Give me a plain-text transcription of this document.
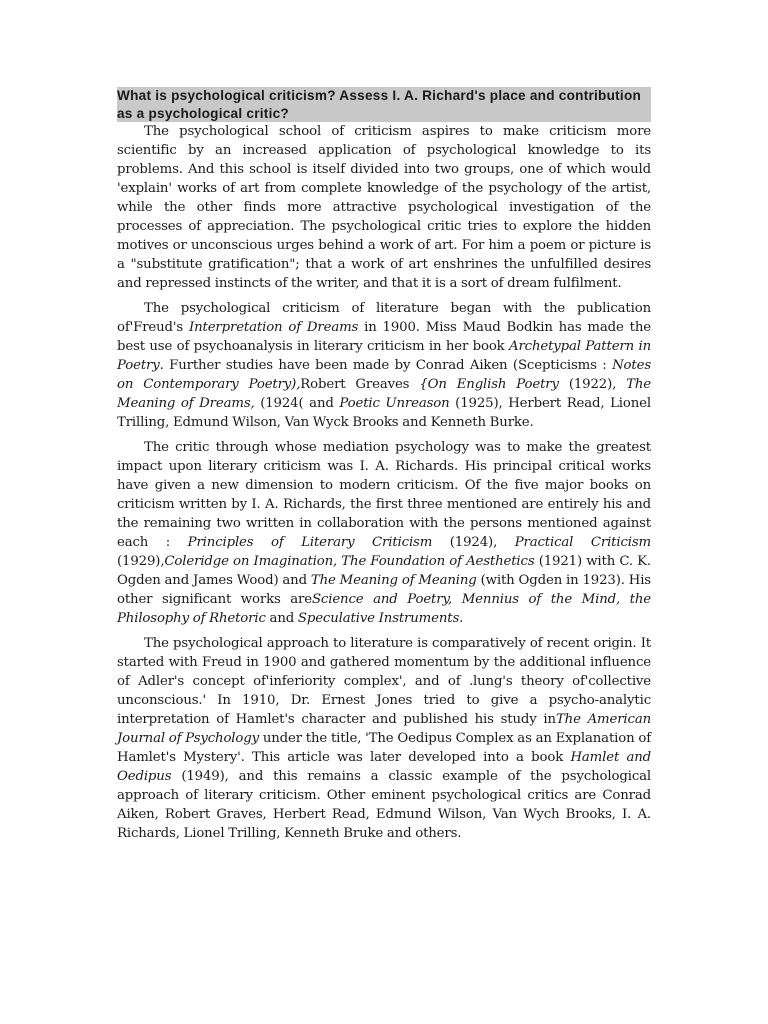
What is psychological criticism? Assess I. A. Richard's place and contribution as a psychological critic?

The psychological school of criticism aspires to make criticism more scientific by an increased application of psychological knowledge to its problems. And this school is itself divided into two groups, one of which would 'explain' works of art from complete knowledge of the psychology of the artist, while the other finds more attractive psychological investigation of the processes of appreciation. The psychological critic tries to explore the hidden motives or unconscious urges behind a work of art. For him a poem or picture is a "substitute gratification"; that a work of art enshrines the unfulfilled desires and repressed instincts of the writer, and that it is a sort of dream fulfilment.

The psychological criticism of literature began with the publication of'Freud's Interpretation of Dreams in 1900. Miss Maud Bodkin has made the best use of psychoanalysis in literary criticism in her book Archetypal Pattern in Poetry. Further studies have been made by Conrad Aiken (Scepticisms : Notes on Contemporary Poetry),Robert Greaves {On English Poetry (1922), The Meaning of Dreams, (1924( and Poetic Unreason (1925), Herbert Read, Lionel Trilling, Edmund Wilson, Van Wyck Brooks and Kenneth Burke.

The critic through whose mediation psychology was to make the greatest impact upon literary criticism was I. A. Richards. His principal critical works have given a new dimension to modern criticism. Of the five major books on criticism written by I. A. Richards, the first three mentioned are entirely his and the remaining two written in collaboration with the persons mentioned against each : Principles of Literary Criticism (1924), Practical Criticism (1929),Coleridge on Imagination, The Foundation of Aesthetics (1921) with C. K. Ogden and James Wood) and The Meaning of Meaning (with Ogden in 1923). His other significant works areScience and Poetry, Mennius of the Mind, the Philosophy of Rhetoric and Speculative Instruments.

The psychological approach to literature is comparatively of recent origin. It started with Freud in 1900 and gathered momentum by the additional influence of Adler's concept of'inferiority complex', and of .lung's theory of'collective unconscious.' In 1910, Dr. Ernest Jones tried to give a psycho-analytic interpretation of Hamlet's character and published his study inThe American Journal of Psychology under the title, 'The Oedipus Complex as an Explanation of Hamlet's Mystery'. This article was later developed into a book Hamlet and Oedipus (1949), and this remains a classic example of the psychological approach of literary criticism. Other eminent psychological critics are Conrad Aiken, Robert Graves, Herbert Read, Edmund Wilson, Van Wych Brooks, I. A. Richards, Lionel Trilling, Kenneth Bruke and others.
